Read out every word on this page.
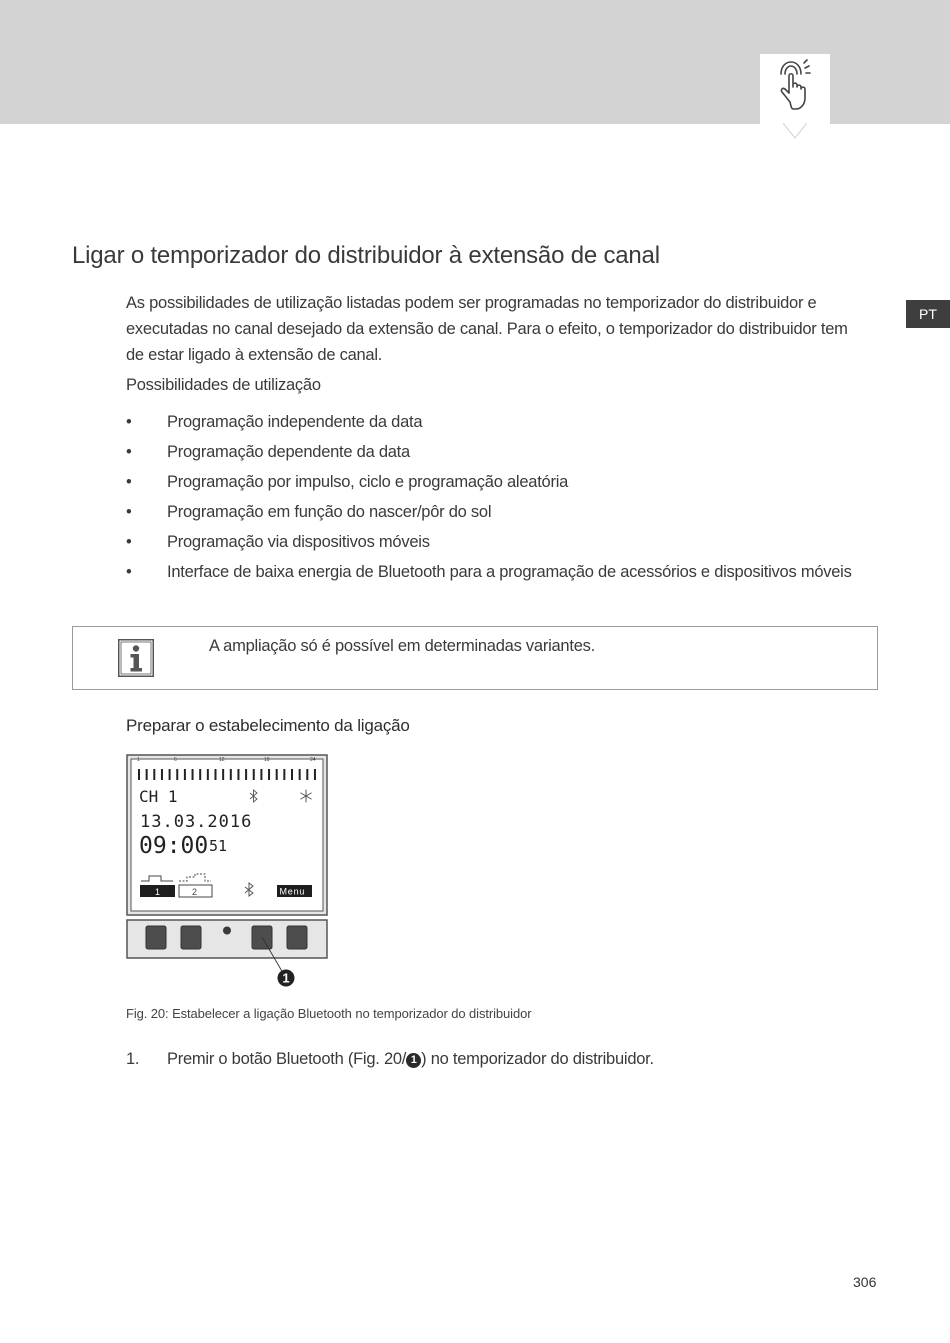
PT
Ligar o temporizador do distribuidor à extensão de canal

As possibilidades de utilização listadas podem ser programadas no temporizador do distribuidor e executadas no canal desejado da extensão de canal. Para o efeito, o temporizador do distribuidor tem de estar ligado à extensão de canal.

Possibilidades de utilização

• Programação independente da data
• Programação dependente da data
• Programação por impulso, ciclo e programação aleatória
• Programação em função do nascer/pôr do sol
• Programação via dispositivos móveis
• Interface de baixa energia de Bluetooth para a programação de acessórios e dispositivos móveis
A ampliação só é possível em determinadas variantes.
Preparar o estabelecimento da ligação
1	6	12	18	24
CH 1
13.03.2016
09:00 51
1	2	Menu
1
Fig. 20: Estabelecer a ligação Bluetooth no temporizador do distribuidor
1. Premir o botão Bluetooth (Fig. 20/ 1 ) no temporizador do distribuidor.
306
